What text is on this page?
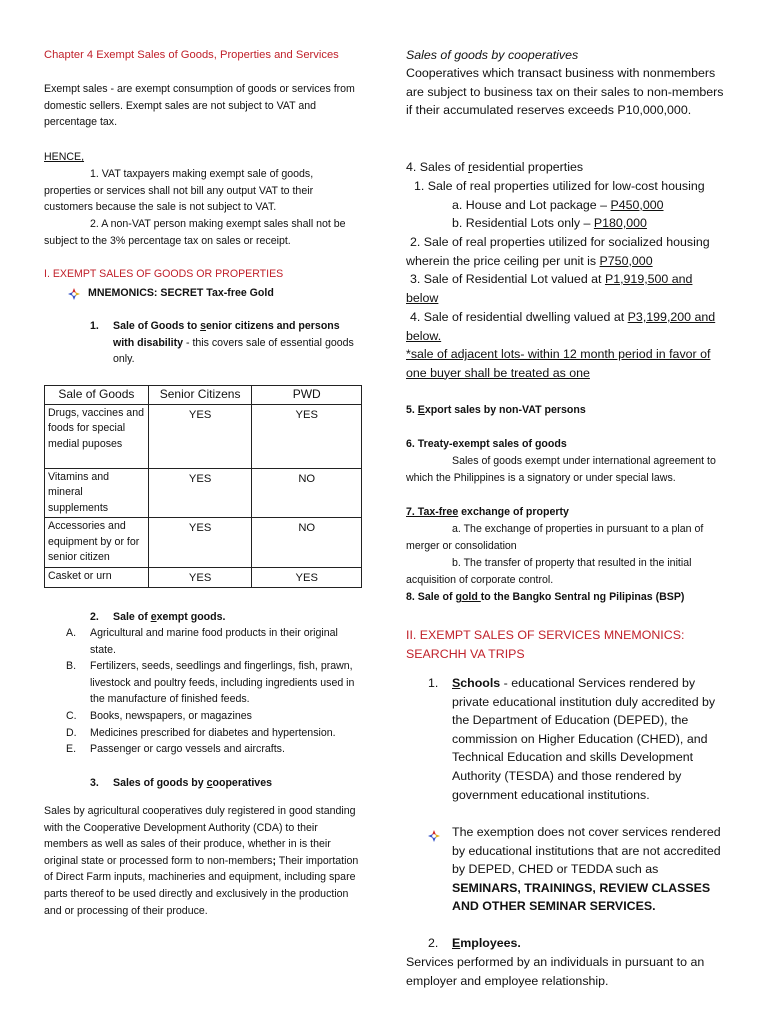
Chapter 4 Exempt Sales of Goods, Properties and Services

Exempt sales - are exempt consumption of goods or services from domestic sellers. Exempt sales are not subject to VAT and percentage tax.

HENCE,

1. VAT taxpayers making exempt sale of goods, properties or services shall not bill any output VAT to their customers because the sale is not subject to VAT.

2. A non-VAT person making exempt sales shall not be subject to the 3% percentage tax on sales or receipt.

I. EXEMPT SALES OF GOODS OR PROPERTIES

MNEMONICS: SECRET Tax-free Gold
1.	Sale of Goods to senior citizens and persons with disability - this covers sale of essential goods only.
Sale of Goods	Senior Citizens	PWD
Drugs, vaccines and foods for special medial puposes	YES	YES
Vitamins and mineral supplements	YES	NO
Accessories and equipment by or for senior citizen	YES	NO
Casket or urn	YES	YES
2.	Sale of exempt goods.
A.	Agricultural and marine food products in their original state.
B.	Fertilizers, seeds, seedlings and fingerlings, fish, prawn, livestock and poultry feeds, including ingredients used in the manufacture of finished feeds.
C.	Books, newspapers, or magazines
D.	Medicines prescribed for diabetes and hypertension.
E.	Passenger or cargo vessels and aircrafts.
3.	Sales of goods by cooperatives

Sales by agricultural cooperatives duly registered in good standing with the Cooperative Development Authority (CDA) to their members as well as sales of their produce, whether in is their original state or processed form to non-members; Their importation of Direct Farm inputs, machineries and equipment, including spare parts thereof to be used directly and exclusively in the production and or processing of their produce.

Sales of goods by cooperatives

Cooperatives which transact business with nonmembers are subject to business tax on their sales to non-members if their accumulated reserves exceeds P10,000,000.

4. Sales of residential properties

1. Sale of real properties utilized for low-cost housing

a. House and Lot package – P450,000

b. Residential Lots only – P180,000

2. Sale of real properties utilized for socialized housing wherein the price ceiling per unit is P750,000

3. Sale of Residential Lot valued at P1,919,500 and below

4. Sale of residential dwelling valued at P3,199,200 and below.

*sale of adjacent lots- within 12 month period in favor of one buyer shall be treated as one

5. Export sales by non-VAT persons

6. Treaty-exempt sales of goods

Sales of goods exempt under international agreement to which the Philippines is a signatory or under special laws.

7. Tax-free exchange of property

a. The exchange of properties in pursuant to a plan of merger or consolidation

b. The transfer of property that resulted in the initial acquisition of corporate control.

8. Sale of gold to the Bangko Sentral ng Pilipinas (BSP)

II. EXEMPT SALES OF SERVICES MNEMONICS: SEARCHH VA TRIPS

1.	Schools - educational Services rendered by private educational institution duly accredited by the Department of Education (DEPED), the commission on Higher Education (CHED), and Technical Education and skills Development Authority (TESDA) and those rendered by government educational institutions.
The exemption does not cover services rendered by educational institutions that are not accredited by DEPED, CHED or TEDDA such as SEMINARS, TRAININGS, REVIEW CLASSES AND OTHER SEMINAR SERVICES.
2.	Employees.

Services performed by an individuals in pursuant to an employer and employee relationship.
